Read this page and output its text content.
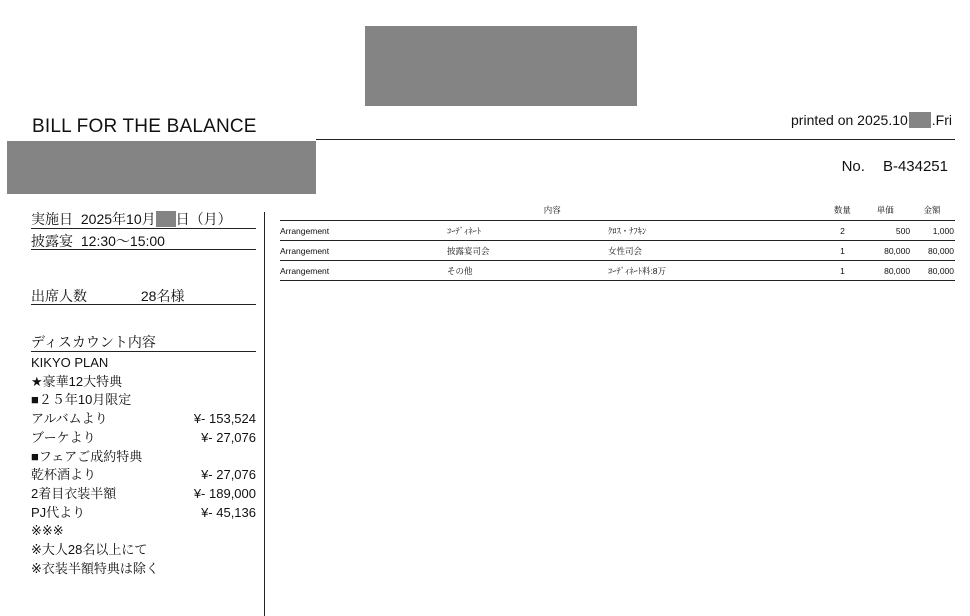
BILL FOR THE BALANCE	printed on 2025.10 .Fri
No. B-434251
実施日 2025年10月 日（月）
披露宴 12:30～15:00
出席人数	28名様
ディスカウント内容
KIKYO PLAN
★豪華12大特典
■２５年10月限定
アルバムより	¥- 153,524
ブーケより	¥- 27,076
■フェアご成約特典
乾杯酒より	¥- 27,076
2着目衣装半額	¥- 189,000
PJ代より	¥- 45,136
※※※
※大人28名以上にて
※衣装半額特典は除く
内容			数量	単価	金額
Arrangement	ｺｰﾃﾞｨﾈｰﾄ	ｸﾛｽ・ﾅﾌｷﾝ	2	500	1,000
Arrangement	披露宴司会	女性司会	1	80,000	80,000
Arrangement	その他	ｺｰﾃﾞｨﾈｰﾄ料:8万	1	80,000	80,000
